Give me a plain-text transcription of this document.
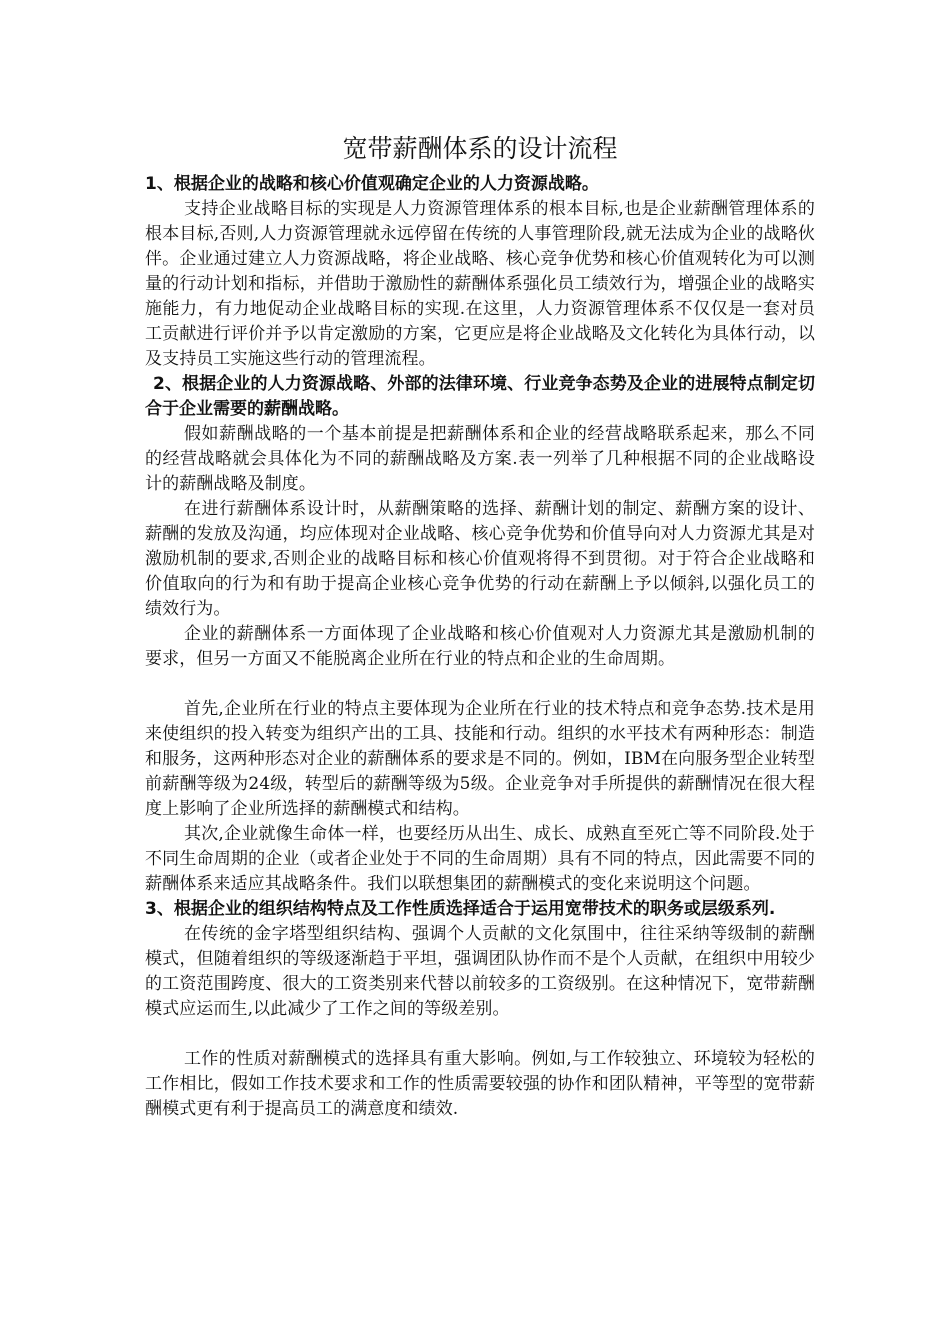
宽带薪酬体系的设计流程

1、根据企业的战略和核心价值观确定企业的人力资源战略。

支持企业战略目标的实现是人力资源管理体系的根本目标,也是企业薪酬管理体系的根本目标,否则,人力资源管理就永远停留在传统的人事管理阶段,就无法成为企业的战略伙伴。企业通过建立人力资源战略，将企业战略、核心竞争优势和核心价值观转化为可以测量的行动计划和指标，并借助于激励性的薪酬体系强化员工绩效行为，增强企业的战略实施能力，有力地促动企业战略目标的实现.在这里，人力资源管理体系不仅仅是一套对员工贡献进行评价并予以肯定激励的方案，它更应是将企业战略及文化转化为具体行动，以及支持员工实施这些行动的管理流程。

2、根据企业的人力资源战略、外部的法律环境、行业竞争态势及企业的进展特点制定切合于企业需要的薪酬战略。

假如薪酬战略的一个基本前提是把薪酬体系和企业的经营战略联系起来，那么不同的经营战略就会具体化为不同的薪酬战略及方案.表一列举了几种根据不同的企业战略设计的薪酬战略及制度。

在进行薪酬体系设计时，从薪酬策略的选择、薪酬计划的制定、薪酬方案的设计、薪酬的发放及沟通，均应体现对企业战略、核心竞争优势和价值导向对人力资源尤其是对激励机制的要求,否则企业的战略目标和核心价值观将得不到贯彻。对于符合企业战略和价值取向的行为和有助于提高企业核心竞争优势的行动在薪酬上予以倾斜,以强化员工的绩效行为。

企业的薪酬体系一方面体现了企业战略和核心价值观对人力资源尤其是激励机制的要求，但另一方面又不能脱离企业所在行业的特点和企业的生命周期。

首先,企业所在行业的特点主要体现为企业所在行业的技术特点和竞争态势.技术是用来使组织的投入转变为组织产出的工具、技能和行动。组织的水平技术有两种形态：制造和服务，这两种形态对企业的薪酬体系的要求是不同的。例如，IBM在向服务型企业转型前薪酬等级为24级，转型后的薪酬等级为5级。企业竞争对手所提供的薪酬情况在很大程度上影响了企业所选择的薪酬模式和结构。

其次,企业就像生命体一样，也要经历从出生、成长、成熟直至死亡等不同阶段.处于不同生命周期的企业（或者企业处于不同的生命周期）具有不同的特点，因此需要不同的薪酬体系来适应其战略条件。我们以联想集团的薪酬模式的变化来说明这个问题。

3、根据企业的组织结构特点及工作性质选择适合于运用宽带技术的职务或层级系列.

在传统的金字塔型组织结构、强调个人贡献的文化氛围中，往往采纳等级制的薪酬模式，但随着组织的等级逐渐趋于平坦，强调团队协作而不是个人贡献，在组织中用较少的工资范围跨度、很大的工资类别来代替以前较多的工资级别。在这种情况下，宽带薪酬模式应运而生,以此减少了工作之间的等级差别。

工作的性质对薪酬模式的选择具有重大影响。例如,与工作较独立、环境较为轻松的工作相比，假如工作技术要求和工作的性质需要较强的协作和团队精神，平等型的宽带薪酬模式更有利于提高员工的满意度和绩效.
